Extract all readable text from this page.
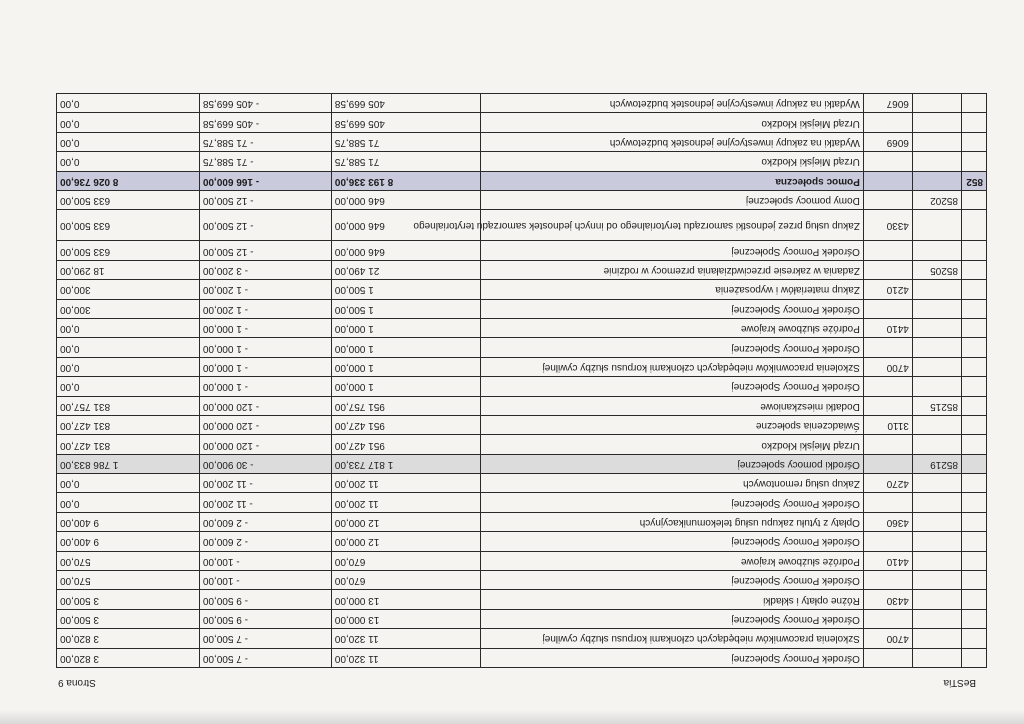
BeSTia
Strona 9
			Ośrodek Pomocy Społecznej	11 320,00	- 7 500,00	3 820,00
		4700	Szkolenia pracowników niebędących członkami korpusu służby cywilnej	11 320,00	- 7 500,00	3 820,00
			Ośrodek Pomocy Społecznej	13 000,00	- 9 500,00	3 500,00
		4430	Różne opłaty i składki	13 000,00	- 9 500,00	3 500,00
			Ośrodek Pomocy Społecznej	670,00	- 100,00	570,00
		4410	Podróże służbowe krajowe	670,00	- 100,00	570,00
			Ośrodek Pomocy Społecznej	12 000,00	- 2 600,00	9 400,00
		4360	Opłaty z tytułu zakupu usług telekomunikacyjnych	12 000,00	- 2 600,00	9 400,00
			Ośrodek Pomocy Społecznej	11 200,00	- 11 200,00	0,00
		4270	Zakup usług remontowych	11 200,00	- 11 200,00	0,00
	85219		Ośrodki pomocy społecznej	1 817 733,00	- 30 900,00	1 786 833,00
			Urząd Miejski Kłodzko	951 427,00	- 120 000,00	831 427,00
		3110	Świadczenia społeczne	951 427,00	- 120 000,00	831 427,00
	85215		Dodatki mieszkaniowe	951 757,00	- 120 000,00	831 757,00
			Ośrodek Pomocy Społecznej	1 000,00	- 1 000,00	0,00
		4700	Szkolenia pracowników niebędących członkami korpusu służby cywilnej	1 000,00	- 1 000,00	0,00
			Ośrodek Pomocy Społecznej	1 000,00	- 1 000,00	0,00
		4410	Podróże służbowe krajowe	1 000,00	- 1 000,00	0,00
			Ośrodek Pomocy Społecznej	1 500,00	- 1 200,00	300,00
		4210	Zakup materiałów i wyposażenia	1 500,00	- 1 200,00	300,00
	85205		Zadania w zakresie przeciwdziałania przemocy w rodzinie	21 490,00	- 3 200,00	18 290,00
			Ośrodek Pomocy Społecznej	646 000,00	- 12 500,00	633 500,00
		4330	Zakup usług przez jednostki samorządu terytorialnego od innych jednostek samorządu terytorialnego	646 000,00	- 12 500,00	633 500,00
	85202		Domy pomocy społecznej	646 000,00	- 12 500,00	633 500,00
852			Pomoc społeczna	8 193 336,00	- 166 600,00	8 026 736,00
			Urząd Miejski Kłodzko	71 588,75	- 71 588,75	0,00
		6069	Wydatki na zakupy inwestycyjne jednostek budżetowych	71 588,75	- 71 588,75	0,00
			Urząd Miejski Kłodzko	405 669,58	- 405 669,58	0,00
		6067	Wydatki na zakupy inwestycyjne jednostek budżetowych	405 669,58	- 405 669,58	0,00
